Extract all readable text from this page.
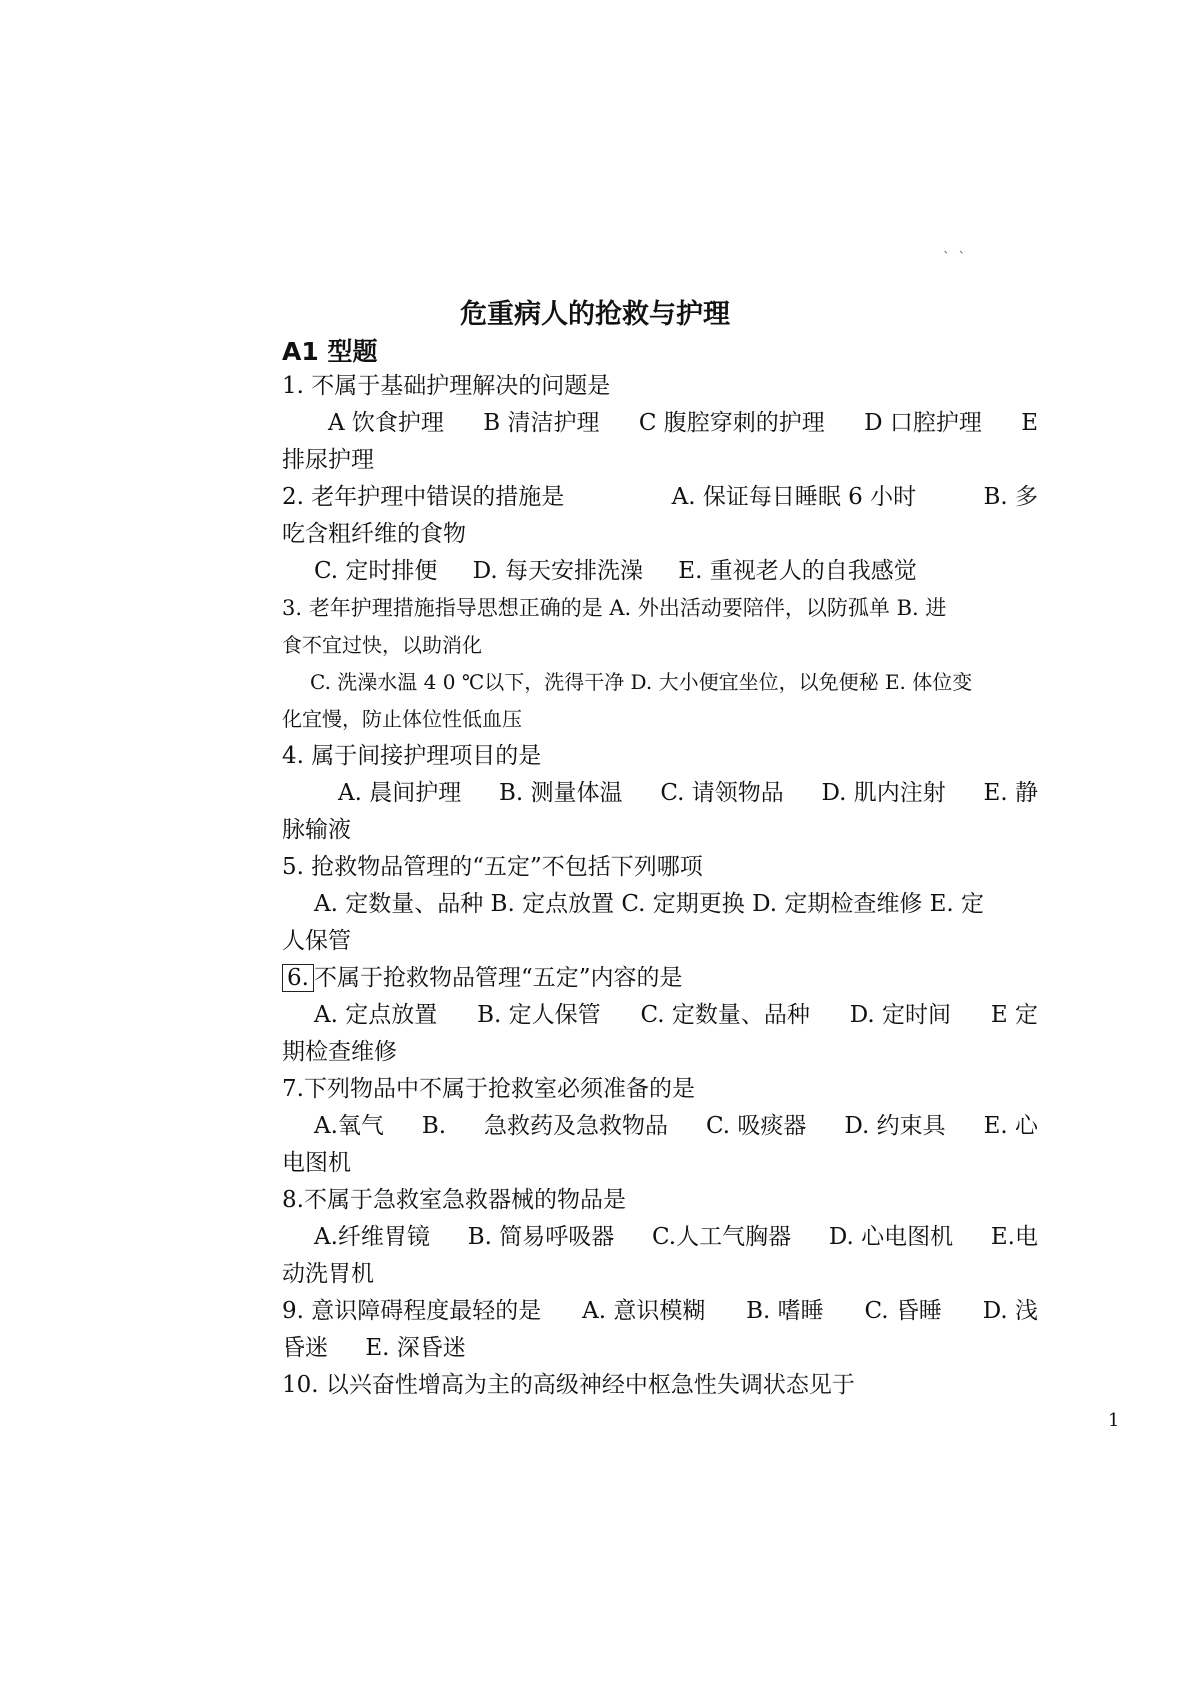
` `
危重病人的抢救与护理
A1 型题
1. 不属于基础护理解决的问题是
A 饮食护理 B 清洁护理 C 腹腔穿刺的护理 D 口腔护理 E
排尿护理
2. 老年护理中错误的措施是	A. 保证每日睡眠 6 小时	B. 多
吃含粗纤维的食物
C. 定时排便 D. 每天安排洗澡 E. 重视老人的自我感觉
3. 老年护理措施指导思想正确的是 A. 外出活动要陪伴，以防孤单 B. 进
食不宜过快，以助消化
C. 洗澡水温 4 0 ℃以下，洗得干净 D. 大小便宜坐位，以免便秘 E. 体位变
化宜慢，防止体位性低血压
4. 属于间接护理项目的是
A. 晨间护理 B. 测量体温 C. 请领物品 D. 肌内注射 E. 静
脉输液
5. 抢救物品管理的“五定”不包括下列哪项
A. 定数量、品种 B. 定点放置 C. 定期更换 D. 定期检查维修 E. 定
人保管
6. 不属于抢救物品管理“五定”内容的是
A. 定点放置 B. 定人保管 C. 定数量、品种 D. 定时间 E 定
期检查维修
7.下列物品中不属于抢救室必须准备的是
A.氧气 B. 急救药及急救物品 C. 吸痰器 D. 约束具 E. 心
电图机
8.不属于急救室急救器械的物品是
A.纤维胃镜 B. 简易呼吸器 C.人工气胸器 D. 心电图机 E.电
动洗胃机
9. 意识障碍程度最轻的是 A. 意识模糊 B. 嗜睡 C. 昏睡 D. 浅
昏迷 E. 深昏迷
10. 以兴奋性增高为主的高级神经中枢急性失调状态见于
1
